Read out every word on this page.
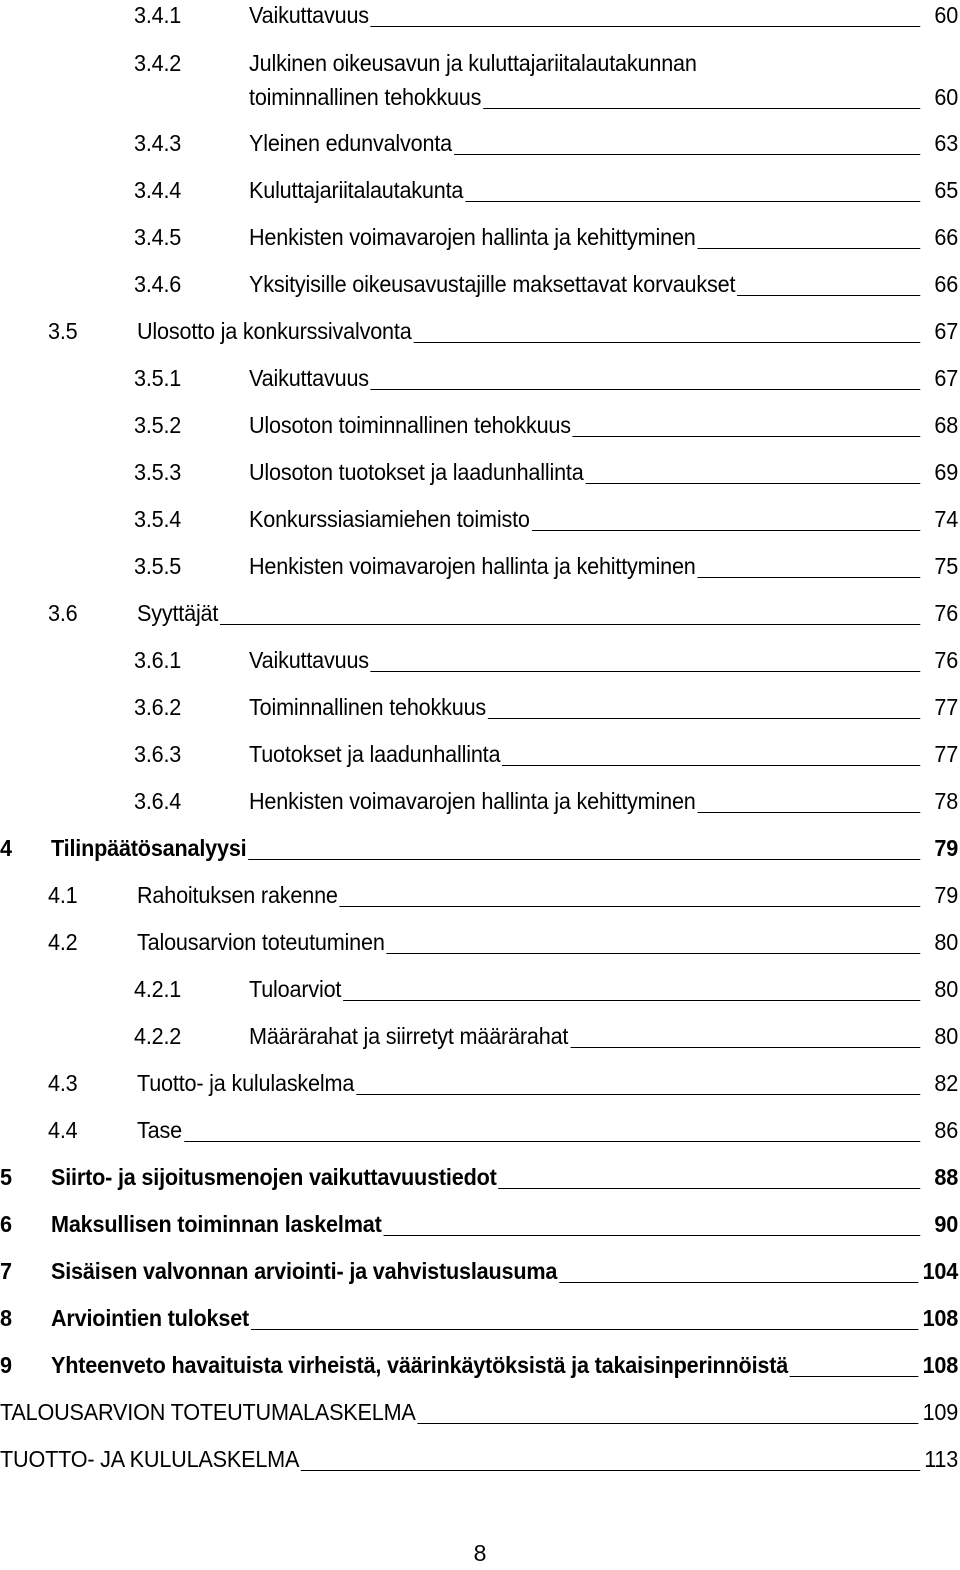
3.4.1	Vaikuttavuus	60
3.4.2	Julkinen oikeusavun ja kuluttajariitalautakunnan
toiminnallinen tehokkuus	60
3.4.3	Yleinen edunvalvonta	63
3.4.4	Kuluttajariitalautakunta	65
3.4.5	Henkisten voimavarojen hallinta ja kehittyminen	66
3.4.6	Yksityisille oikeusavustajille maksettavat korvaukset	66
3.5	Ulosotto ja konkurssivalvonta	67
3.5.1	Vaikuttavuus	67
3.5.2	Ulosoton toiminnallinen tehokkuus	68
3.5.3	Ulosoton tuotokset ja laadunhallinta	69
3.5.4	Konkurssiasiamiehen toimisto	74
3.5.5	Henkisten voimavarojen hallinta ja kehittyminen	75
3.6	Syyttäjät	76
3.6.1	Vaikuttavuus	76
3.6.2	Toiminnallinen tehokkuus	77
3.6.3	Tuotokset ja laadunhallinta	77
3.6.4	Henkisten voimavarojen hallinta ja kehittyminen	78
4 Tilinpäätösanalyysi	79
4.1	Rahoituksen rakenne	79
4.2	Talousarvion toteutuminen	80
4.2.1	Tuloarviot	80
4.2.2	Määrärahat ja siirretyt määrärahat	80
4.3	Tuotto- ja kululaskelma	82
4.4	Tase	86
5 Siirto- ja sijoitusmenojen vaikuttavuustiedot	88
6 Maksullisen toiminnan laskelmat	90
7 Sisäisen valvonnan arviointi- ja vahvistuslausuma	104
8 Arviointien tulokset	108
9 Yhteenveto havaituista virheistä, väärinkäytöksistä ja takaisinperinnöistä	108
TALOUSARVION TOTEUTUMALASKELMA	109
TUOTTO- JA KULULASKELMA	113
8
